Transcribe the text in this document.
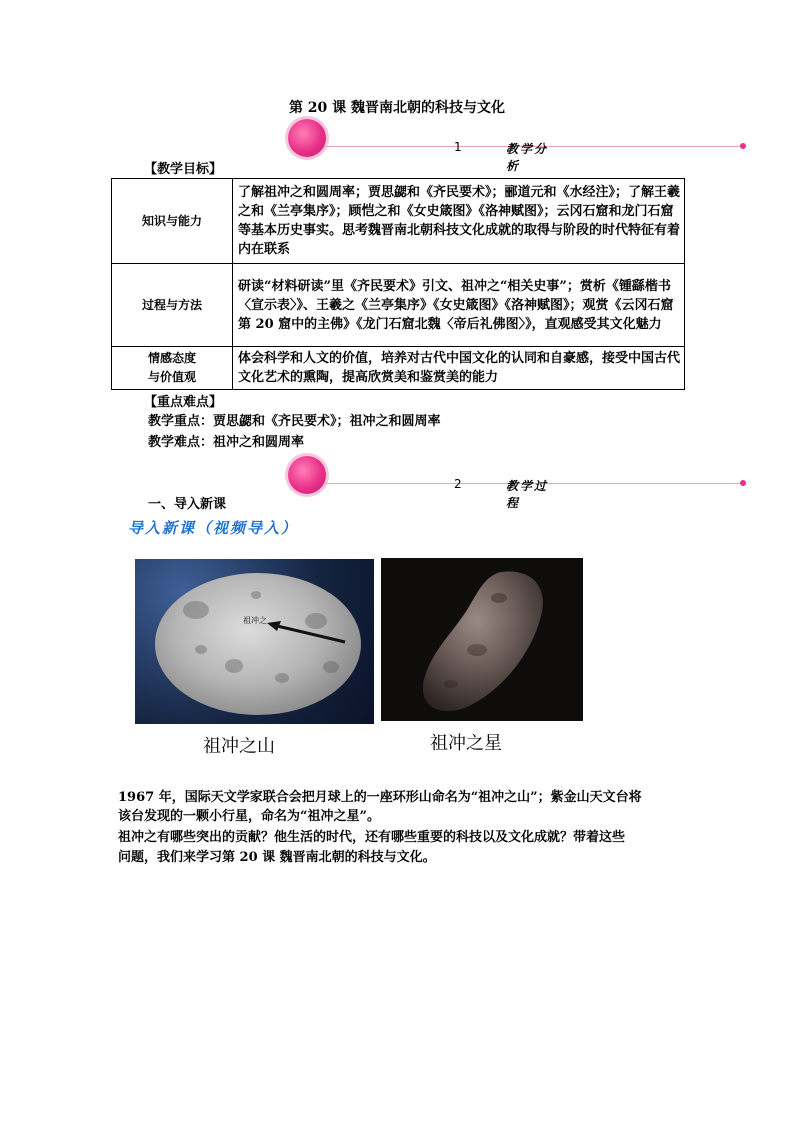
第 20 课 魏晋南北朝的科技与文化
1	教学分析
【教学目标】
知识与能力	了解祖冲之和圆周率；贾思勰和《齐民要术》；郦道元和《水经注》；了解王羲之和《兰亭集序》；顾恺之和《女史箴图》《洛神赋图》；云冈石窟和龙门石窟等基本历史事实。思考魏晋南北朝科技文化成就的取得与阶段的时代特征有着内在联系
过程与方法	研读“材料研读”里《齐民要术》引文、祖冲之“相关史事”；赏析《锺繇楷书〈宣示表〉》、王羲之《兰亭集序》《女史箴图》《洛神赋图》；观赏《云冈石窟第 20 窟中的主佛》《龙门石窟北魏〈帝后礼佛图〉》，直观感受其文化魅力

情感态度
与价值观	体会科学和人文的价值，培养对古代中国文化的认同和自豪感，接受中国古代文化艺术的熏陶，提高欣赏美和鉴赏美的能力
【重点难点】
教学重点：贾思勰和《齐民要术》；祖冲之和圆周率
教学难点：祖冲之和圆周率
2	教学过程
一、导入新课
导入新课（视频导入）
祖冲之
祖冲之山	祖冲之星
1967 年，国际天文学家联合会把月球上的一座环形山命名为“祖冲之山”；紫金山天文台将
该台发现的一颗小行星，命名为“祖冲之星”。
祖冲之有哪些突出的贡献？他生活的时代，还有哪些重要的科技以及文化成就？带着这些
问题，我们来学习第 20 课 魏晋南北朝的科技与文化。
